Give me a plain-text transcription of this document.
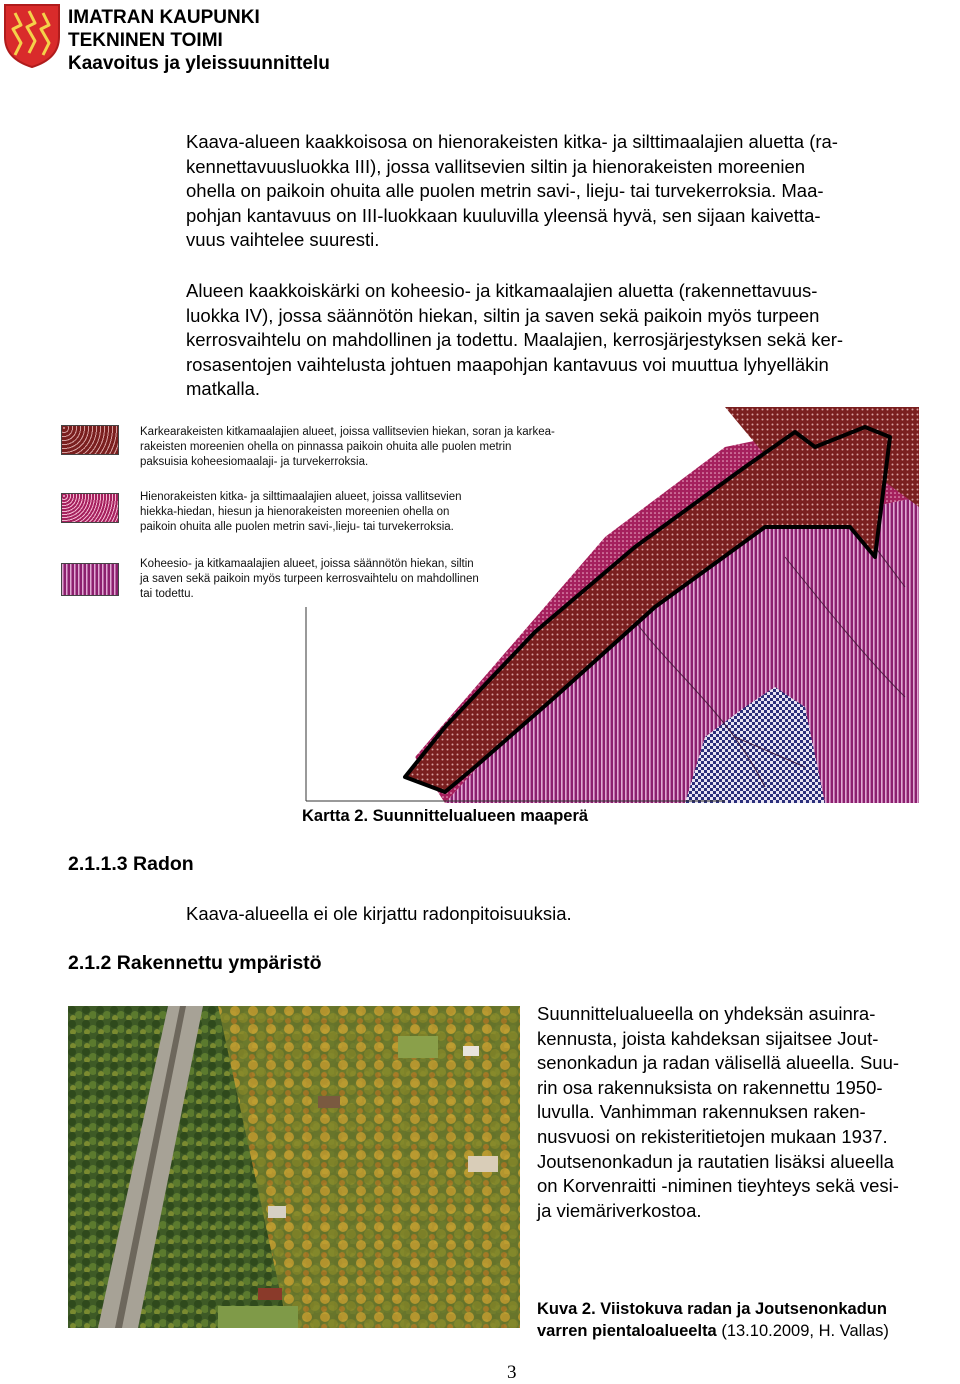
IMATRAN KAUPUNKI
TEKNINEN TOIMI
Kaavoitus ja yleissuunnittelu
Kaava-alueen kaakkoisosa on hienorakeisten kitka- ja silttimaalajien aluetta (ra-
kennettavuusluokka III), jossa vallitsevien siltin ja hienorakeisten moreenien
ohella on paikoin ohuita alle puolen metrin savi-, lieju- tai turvekerroksia. Maa-
pohjan kantavuus on III-luokkaan kuuluvilla yleensä hyvä, sen sijaan kaivetta-
vuus vaihtelee suuresti.
Alueen kaakkoiskärki on koheesio- ja kitkamaalajien aluetta (rakennettavuus-
luokka IV), jossa säännötön hiekan, siltin ja saven sekä paikoin myös turpeen
kerrosvaihtelu on mahdollinen ja todettu. Maalajien, kerrosjärjestyksen sekä ker-
rosasentojen vaihtelusta johtuen maapohjan kantavuus voi muuttua lyhyelläkin
matkalla.
Karkearakeisten kitkamaalajien alueet, joissa vallitsevien hiekan, soran ja karkea-
rakeisten moreenien ohella on pinnassa paikoin ohuita alle puolen metrin
paksuisia koheesiomaalaji- ja turvekerroksia.
Hienorakeisten kitka- ja silttimaalajien alueet, joissa vallitsevien
hiekka-hiedan, hiesun ja hienorakeisten moreenien ohella on
paikoin ohuita alle puolen metrin savi-,lieju- tai turvekerroksia.
Koheesio- ja kitkamaalajien alueet, joissa säännötön hiekan, siltin
ja saven sekä paikoin myös turpeen kerrosvaihtelu on mahdollinen
tai todettu.
Kartta 2. Suunnittelualueen maaperä
2.1.1.3 Radon
Kaava-alueella ei ole kirjattu radonpitoisuuksia.
2.1.2 Rakennettu ympäristö
Suunnittelualueella on yhdeksän asuinra-
kennusta, joista kahdeksan sijaitsee Jout-
senonkadun ja radan välisellä alueella. Suu-
rin osa rakennuksista on rakennettu 1950-
luvulla. Vanhimman rakennuksen raken-
nusvuosi on rekisteritietojen mukaan 1937.
Joutsenonkadun ja rautatien lisäksi alueella
on Korvenraitti -niminen tieyhteys sekä vesi-
ja viemäriverkostoa.
Kuva 2. Viistokuva radan ja Joutsenonkadun
varren pientaloalueelta (13.10.2009, H. Vallas)
3
